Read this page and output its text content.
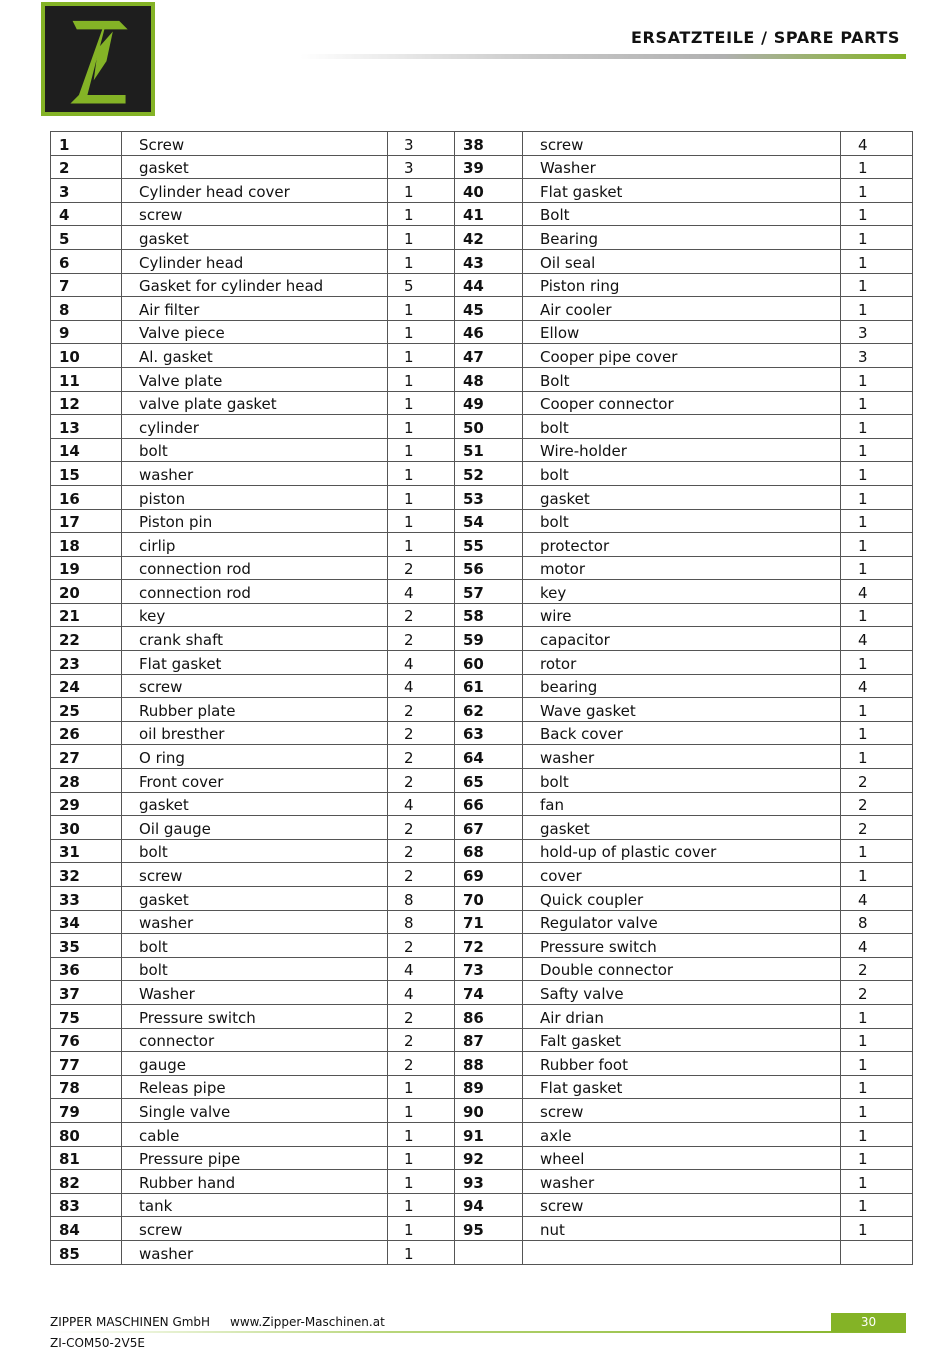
ERSATZTEILE / SPARE PARTS
1	Screw	3	38	screw	4
2	gasket	3	39	Washer	1
3	Cylinder head cover	1	40	Flat gasket	1
4	screw	1	41	Bolt	1
5	gasket	1	42	Bearing	1
6	Cylinder head	1	43	Oil seal	1
7	Gasket for cylinder head	5	44	Piston ring	1
8	Air filter	1	45	Air cooler	1
9	Valve piece	1	46	Ellow	3
10	Al. gasket	1	47	Cooper pipe cover	3
11	Valve plate	1	48	Bolt	1
12	valve plate gasket	1	49	Cooper connector	1
13	cylinder	1	50	bolt	1
14	bolt	1	51	Wire-holder	1
15	washer	1	52	bolt	1
16	piston	1	53	gasket	1
17	Piston pin	1	54	bolt	1
18	cirlip	1	55	protector	1
19	connection rod	2	56	motor	1
20	connection rod	4	57	key	4
21	key	2	58	wire	1
22	crank shaft	2	59	capacitor	4
23	Flat gasket	4	60	rotor	1
24	screw	4	61	bearing	4
25	Rubber plate	2	62	Wave gasket	1
26	oil bresther	2	63	Back cover	1
27	O ring	2	64	washer	1
28	Front cover	2	65	bolt	2
29	gasket	4	66	fan	2
30	Oil gauge	2	67	gasket	2
31	bolt	2	68	hold-up of plastic cover	1
32	screw	2	69	cover	1
33	gasket	8	70	Quick coupler	4
34	washer	8	71	Regulator valve	8
35	bolt	2	72	Pressure switch	4
36	bolt	4	73	Double connector	2
37	Washer	4	74	Safty valve	2
75	Pressure switch	2	86	Air drian	1
76	connector	2	87	Falt gasket	1
77	gauge	2	88	Rubber foot	1
78	Releas pipe	1	89	Flat gasket	1
79	Single valve	1	90	screw	1
80	cable	1	91	axle	1
81	Pressure pipe	1	92	wheel	1
82	Rubber hand	1	93	washer	1
83	tank	1	94	screw	1
84	screw	1	95	nut	1
85	washer	1			
ZIPPER MASCHINEN GmbH www.Zipper-Maschinen.at	30
ZI-COM50-2V5E
